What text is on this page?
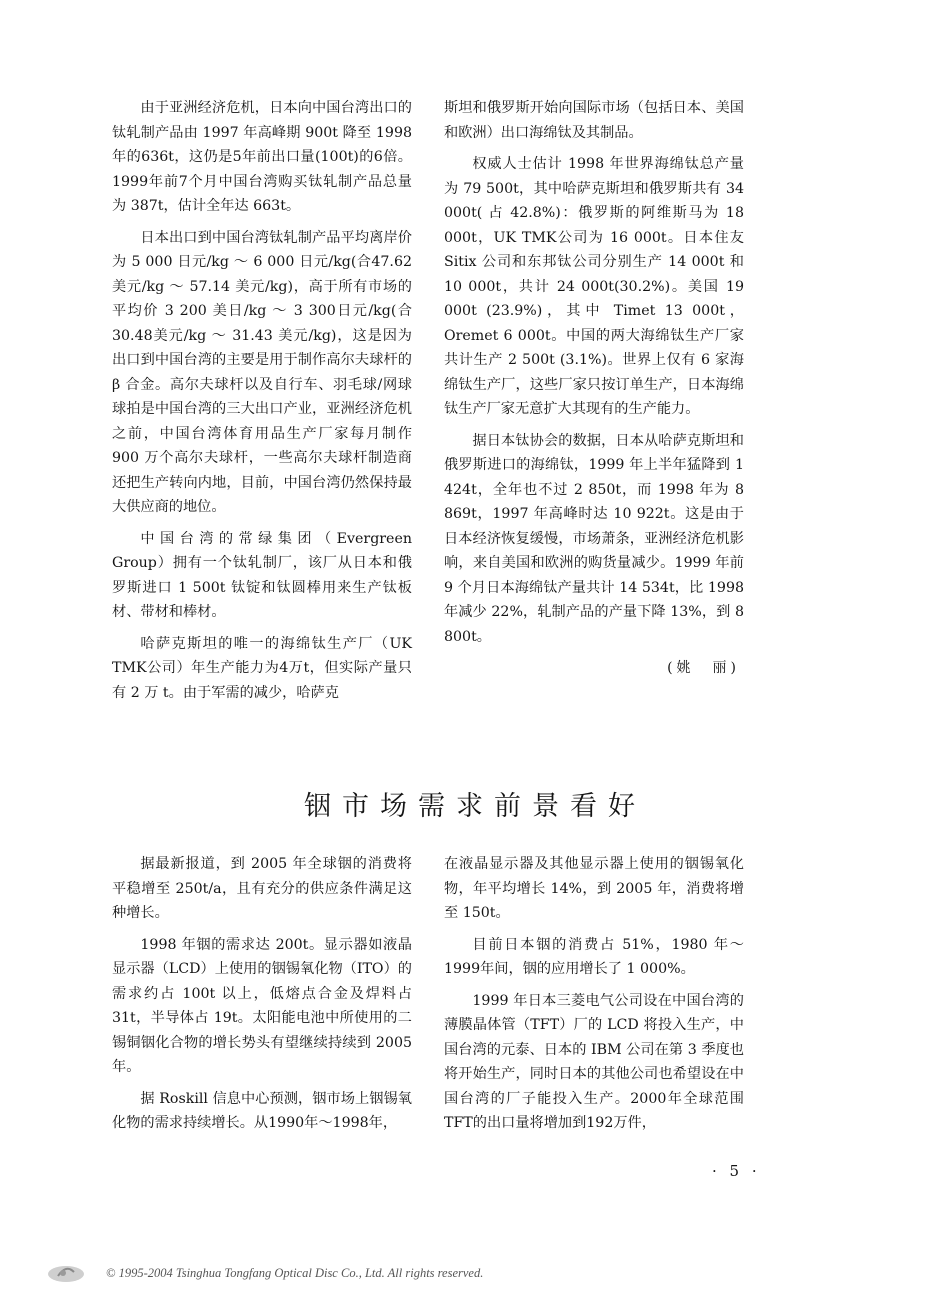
由于亚洲经济危机，日本向中国台湾出口的钛轧制产品由 1997 年高峰期 900t 降至 1998 年的636t，这仍是5年前出口量(100t)的6倍。1999年前7个月中国台湾购买钛轧制产品总量为 387t，估计全年达 663t。

日本出口到中国台湾钛轧制产品平均离岸价为 5 000 日元/kg ～ 6 000 日元/kg(合47.62美元/kg ～ 57.14 美元/kg)，高于所有市场的平均价 3 200 美日/kg ～ 3 300日元/kg(合 30.48美元/kg ～ 31.43 美元/kg)，这是因为出口到中国台湾的主要是用于制作高尔夫球杆的 β 合金。高尔夫球杆以及自行车、羽毛球/网球球拍是中国台湾的三大出口产业，亚洲经济危机之前，中国台湾体育用品生产厂家每月制作 900 万个高尔夫球杆，一些高尔夫球杆制造商还把生产转向内地，目前，中国台湾仍然保持最大供应商的地位。

中国台湾的常绿集团（Evergreen Group）拥有一个钛轧制厂，该厂从日本和俄罗斯进口 1 500t 钛锭和钛圆棒用来生产钛板材、带材和棒材。

哈萨克斯坦的唯一的海绵钛生产厂（UK TMK公司）年生产能力为4万t，但实际产量只有 2 万 t。由于军需的减少，哈萨克

斯坦和俄罗斯开始向国际市场（包括日本、美国和欧洲）出口海绵钛及其制品。

权威人士估计 1998 年世界海绵钛总产量为 79 500t，其中哈萨克斯坦和俄罗斯共有 34 000t( 占 42.8%)：俄罗斯的阿维斯马为 18 000t，UK TMK公司为 16 000t。日本住友 Sitix 公司和东邦钛公司分别生产 14 000t 和 10 000t，共计 24 000t(30.2%)。美国 19 000t (23.9%)，其中 Timet 13 000t，Oremet 6 000t。中国的两大海绵钛生产厂家共计生产 2 500t (3.1%)。世界上仅有 6 家海绵钛生产厂，这些厂家只按订单生产，日本海绵钛生产厂家无意扩大其现有的生产能力。

据日本钛协会的数据，日本从哈萨克斯坦和俄罗斯进口的海绵钛，1999 年上半年猛降到 1 424t，全年也不过 2 850t，而 1998 年为 8 869t，1997 年高峰时达 10 922t。这是由于日本经济恢复缓慢，市场萧条，亚洲经济危机影响，来自美国和欧洲的购货量减少。1999 年前 9 个月日本海绵钛产量共计 14 534t，比 1998 年减少 22%，轧制产品的产量下降 13%，到 8 800t。

(姚　丽)
铟市场需求前景看好

据最新报道，到 2005 年全球铟的消费将平稳增至 250t/a，且有充分的供应条件满足这种增长。

1998 年铟的需求达 200t。显示器如液晶显示器（LCD）上使用的铟锡氧化物（ITO）的需求约占 100t 以上，低熔点合金及焊料占 31t，半导体占 19t。太阳能电池中所使用的二锡铜铟化合物的增长势头有望继续持续到 2005年。

据 Roskill 信息中心预测，铟市场上铟锡氧化物的需求持续增长。从1990年～1998年，

在液晶显示器及其他显示器上使用的铟锡氧化物，年平均增长 14%，到 2005 年，消费将增至 150t。

目前日本铟的消费占 51%，1980 年～1999年间，铟的应用增长了 1 000%。

1999 年日本三菱电气公司设在中国台湾的薄膜晶体管（TFT）厂的 LCD 将投入生产，中国台湾的元泰、日本的 IBM 公司在第 3 季度也将开始生产，同时日本的其他公司也希望设在中国台湾的厂子能投入生产。2000年全球范围TFT的出口量将增加到192万件，

· 5 ·
© 1995-2004 Tsinghua Tongfang Optical Disc Co., Ltd. All rights reserved.
